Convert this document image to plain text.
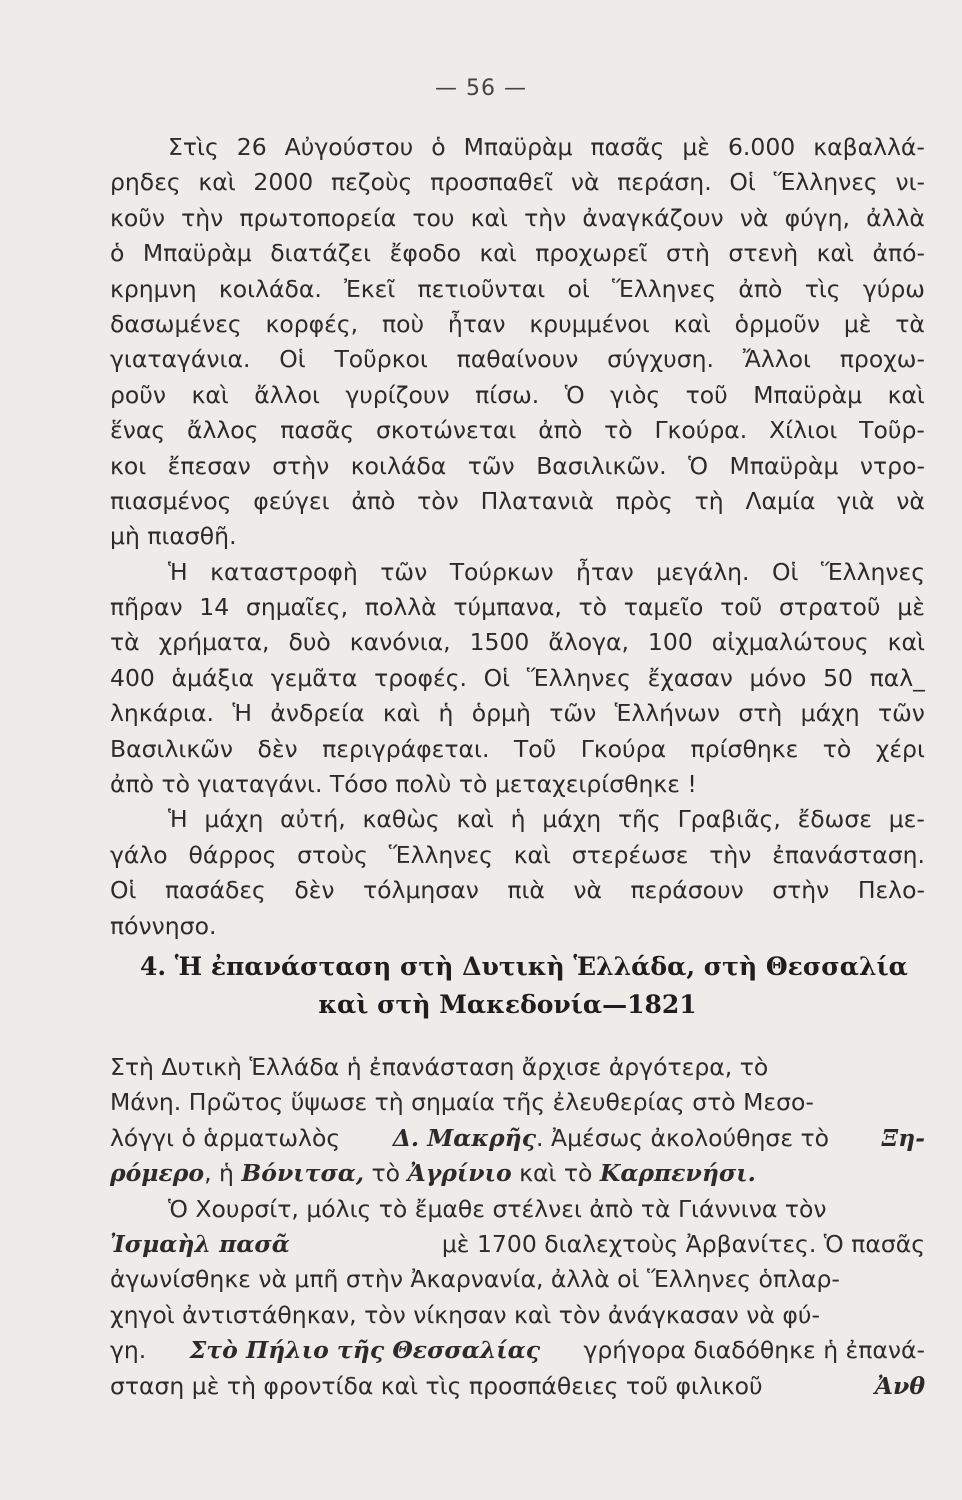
— 56 —
Στὶς 26 Αὐγούστου ὁ Μπαϋρὰμ πασᾶς μὲ 6.000 καβαλλά-
ρηδες καὶ 2000 πεζοὺς προσπαθεῖ νὰ περάση. Οἱ Ἕλληνες νι-
κοῦν τὴν πρωτοπορεία του καὶ τὴν ἀναγκάζουν νὰ φύγη, ἀλλὰ
ὁ Μπαϋρὰμ διατάζει ἔφοδο καὶ προχωρεῖ στὴ στενὴ καὶ ἀπό-
κρημνη κοιλάδα. Ἐκεῖ πετιοῦνται οἱ Ἕλληνες ἀπὸ τὶς γύρω
δασωμένες κορφές, ποὺ ἦταν κρυμμένοι καὶ ὁρμοῦν μὲ τὰ
γιαταγάνια. Οἱ Τοῦρκοι παθαίνουν σύγχυση. Ἄλλοι προχω-
ροῦν καὶ ἄλλοι γυρίζουν πίσω. Ὁ γιὸς τοῦ Μπαϋρὰμ καὶ
ἕνας ἄλλος πασᾶς σκοτώνεται ἀπὸ τὸ Γκούρα. Χίλιοι Τοῦρ-
κοι ἔπεσαν στὴν κοιλάδα τῶν Βασιλικῶν. Ὁ Μπαϋρὰμ ντρο-
πιασμένος φεύγει ἀπὸ τὸν Πλατανιὰ πρὸς τὴ Λαμία γιὰ νὰ
μὴ πιασθῆ.
Ἡ καταστροφὴ τῶν Τούρκων ἦταν μεγάλη. Οἱ Ἕλληνες
πῆραν 14 σημαῖες, πολλὰ τύμπανα, τὸ ταμεῖο τοῦ στρατοῦ μὲ
τὰ χρήματα, δυὸ κανόνια, 1500 ἄλογα, 100 αἰχμαλώτους καὶ
400 ἁμάξια γεμᾶτα τροφές. Οἱ Ἕλληνες ἔχασαν μόνο 50 παλ_
ληκάρια. Ἡ ἀνδρεία καὶ ἡ ὁρμὴ τῶν Ἑλλήνων στὴ μάχη τῶν
Βασιλικῶν δὲν περιγράφεται. Τοῦ Γκούρα πρίσθηκε τὸ χέρι
ἀπὸ τὸ γιαταγάνι. Τόσο πολὺ τὸ μεταχειρίσθηκε !
Ἡ μάχη αὐτή, καθὼς καὶ ἡ μάχη τῆς Γραβιᾶς, ἔδωσε με-
γάλο θάρρος στοὺς Ἕλληνες καὶ στερέωσε τὴν ἐπανάσταση.
Οἱ πασάδες δὲν τόλμησαν πιὰ νὰ περάσουν στὴν Πελο-
πόννησο.
4. Ἡ ἐπανάσταση στὴ Δυτικὴ Ἑλλάδα, στὴ Θεσσαλία
καὶ στὴ Μακεδονία—1821
Στὴ Δυτικὴ Ἑλλάδα ἡ ἐπανάσταση ἄρχισε ἀργότερα, τὸ
Μάνη. Πρῶτος ὕψωσε τὴ σημαία τῆς ἐλευθερίας στὸ Μεσο-
λόγγι ὁ ἁρματωλὸς Δ. Μακρῆς. Ἀμέσως ἀκολούθησε τὸ Ξη-
ρόμερο , ἡ
Βόνιτσα,
τὸ
Ἀγρίνιο
καὶ τὸ
Καρπενήσι.
Ὁ Χουρσίτ, μόλις τὸ ἔμαθε στέλνει ἀπὸ τὰ Γιάννινα τὸν
Ἰσμαὴλ πασᾶ	μὲ 1700 διαλεχτοὺς Ἀρβανίτες. Ὁ πασᾶς
ἀγωνίσθηκε νὰ μπῆ στὴν Ἀκαρνανία, ἀλλὰ οἱ Ἕλληνες ὁπλαρ-
χηγοὶ ἀντιστάθηκαν, τὸν νίκησαν καὶ τὸν ἀνάγκασαν νὰ φύ-
γη. Στὸ Πήλιο τῆς Θεσσαλίας γρήγορα διαδόθηκε ἡ ἐπανά-
σταση μὲ τὴ φροντίδα καὶ τὶς προσπάθειες τοῦ φιλικοῦ	Ἀνθ
